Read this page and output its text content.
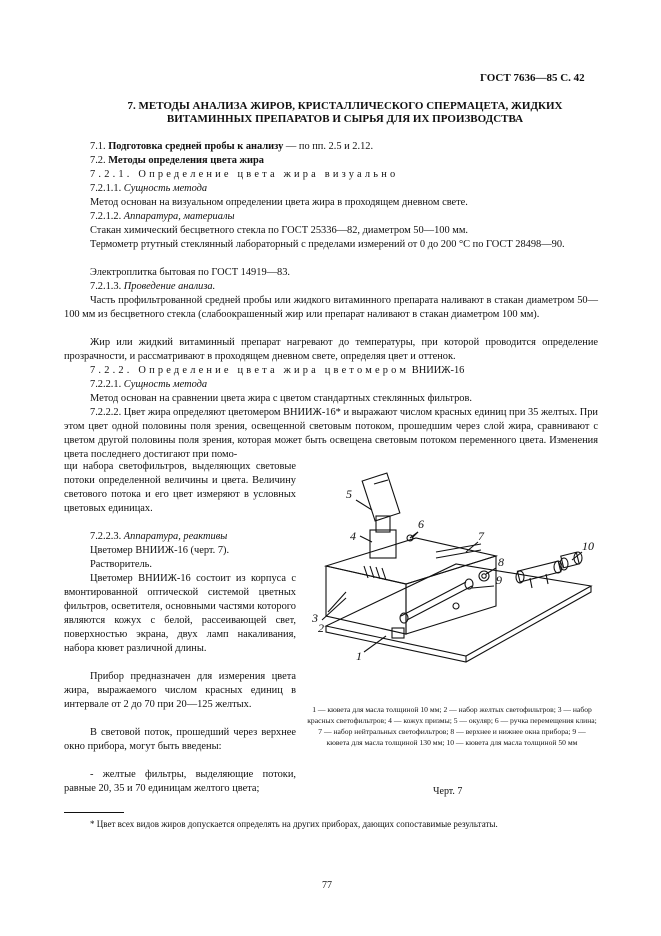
ГОСТ 7636—85 С. 42
7. МЕТОДЫ АНАЛИЗА ЖИРОВ, КРИСТАЛЛИЧЕСКОГО СПЕРМАЦЕТА, ЖИДКИХ ВИТАМИННЫХ ПРЕПАРАТОВ И СЫРЬЯ ДЛЯ ИХ ПРОИЗВОДСТВА
7.1. Подготовка средней пробы к анализу — по пп. 2.5 и 2.12.
7.2. Методы определения цвета жира
7.2.1. Определение цвета жира визуально
7.2.1.1. Сущность метода
Метод основан на визуальном определении цвета жира в проходящем дневном свете.
7.2.1.2. Аппаратура, материалы
Стакан химический бесцветного стекла по ГОСТ 25336—82, диаметром 50—100 мм.
Термометр ртутный стеклянный лабораторный с пределами измерений от 0 до 200 °С по ГОСТ 28498—90.
Электроплитка бытовая по ГОСТ 14919—83.
7.2.1.3. Проведение анализа.
Часть профильтрованной средней пробы или жидкого витаминного препарата наливают в стакан диаметром 50—100 мм из бесцветного стекла (слабоокрашенный жир или препарат наливают в стакан диаметром 100 мм).
Жир или жидкий витаминный препарат нагревают до температуры, при которой проводится определение прозрачности, и рассматривают в проходящем дневном свете, определяя цвет и оттенок.
7.2.2. Определение цвета жира цветомером ВНИИЖ-16
7.2.2.1. Сущность метода
Метод основан на сравнении цвета жира с цветом стандартных стеклянных фильтров.
7.2.2.2. Цвет жира определяют цветомером ВНИИЖ-16* и выражают числом красных единиц при 35 желтых. При этом цвет одной половины поля зрения, освещенной световым потоком, прошедшим через слой жира, сравнивают с цветом другой половины поля зрения, которая может быть освещена световым потоком переменного цвета. Изменения цвета последнего достигают при помо-
щи набора светофильтров, выделяющих световые потоки определенной величины и цвета. Величину светового потока и его цвет измеряют в условных цветовых единицах.
7.2.2.3. Аппаратура, реактивы
Цветомер ВНИИЖ-16 (черт. 7).
Растворитель.
Цветомер ВНИИЖ-16 состоит из корпуса с вмонтированной оптической системой цветных фильтров, осветителя, основными частями которого являются кожух с белой, рассеивающей свет, поверхностью экрана, двух ламп накаливания, набора кювет различной длины.
Прибор предназначен для измерения цвета жира, выражаемого числом красных единиц в интервале от 2 до 70 при 20—125 желтых.
В световой поток, прошедший через верхнее окно прибора, могут быть введены:
- желтые фильтры, выделяющие потоки, равные 20, 35 и 70 единицам желтого цвета;
5
4
6
7
8
9
10
3
2
1
1 — кювета для масла толщиной 10 мм; 2 — набор желтых светофильтров; 3 — набор красных светофильтров; 4 — кожух призмы; 5 — окуляр; 6 — ручка перемещения клина; 7 — набор нейтральных светофильтров; 8 — верхнее и нижнее окна прибора; 9 — кювета для масла толщиной 130 мм; 10 — кювета для масла толщиной 50 мм
Черт. 7
* Цвет всех видов жиров допускается определять на других приборах, дающих сопоставимые результаты.
77
